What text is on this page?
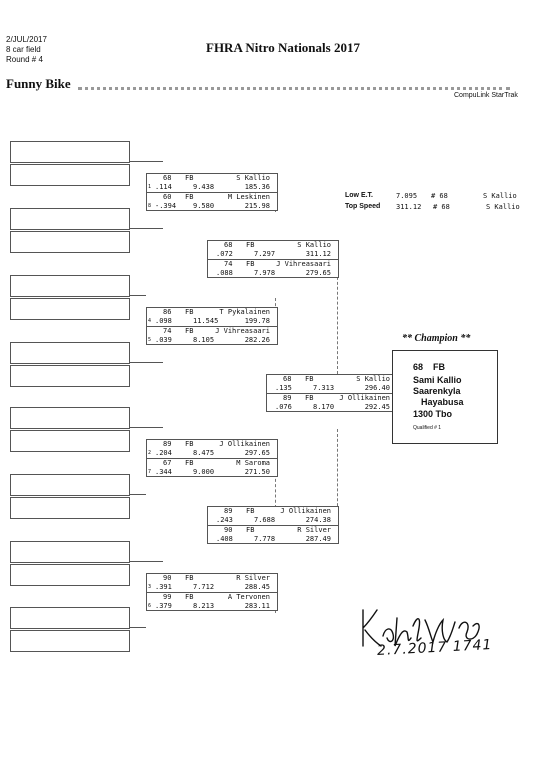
2/JUL/2017
8 car field
Round # 4
FHRA Nitro Nationals 2017
Funny Bike
CompuLink StarTrak
68 FB	S Kallio
.114	9.438	185.36
1
60 FB	M Leskinen
-.394 9.580	215.98
8
86 FB	T Pykalainen
.098	11.545	199.78
4
74 FB	J Vihreasaari
.039	8.105	282.26
5
89 FB	J Ollikainen
.204	8.475	297.65
2
67 FB	M Saroma
.344	9.000	271.50
7
90 FB	R Silver
.391	7.712	288.45
3
99 FB	A Tervonen
.379	8.213	283.11
6
68 FB	S Kallio
.072	7.297	311.12
74 FB	J Vihreasaari
.088	7.978	279.65
89 FB	J Ollikainen
.243	7.688	274.38
90 FB	R Silver
.408	7.778	287.49
68 FB	S Kallio
.135	7.313	296.40
89 FB	J Ollikainen
.076	8.170	292.45
Low E.T.	7.095 # 68	S Kallio
Top Speed 311.12 # 68	S Kallio
** Champion **
68    FB
Sami Kallio
Saarenkyla
Hayabusa
1300 Tbo
Qualified # 1
2.7.2017 1741
